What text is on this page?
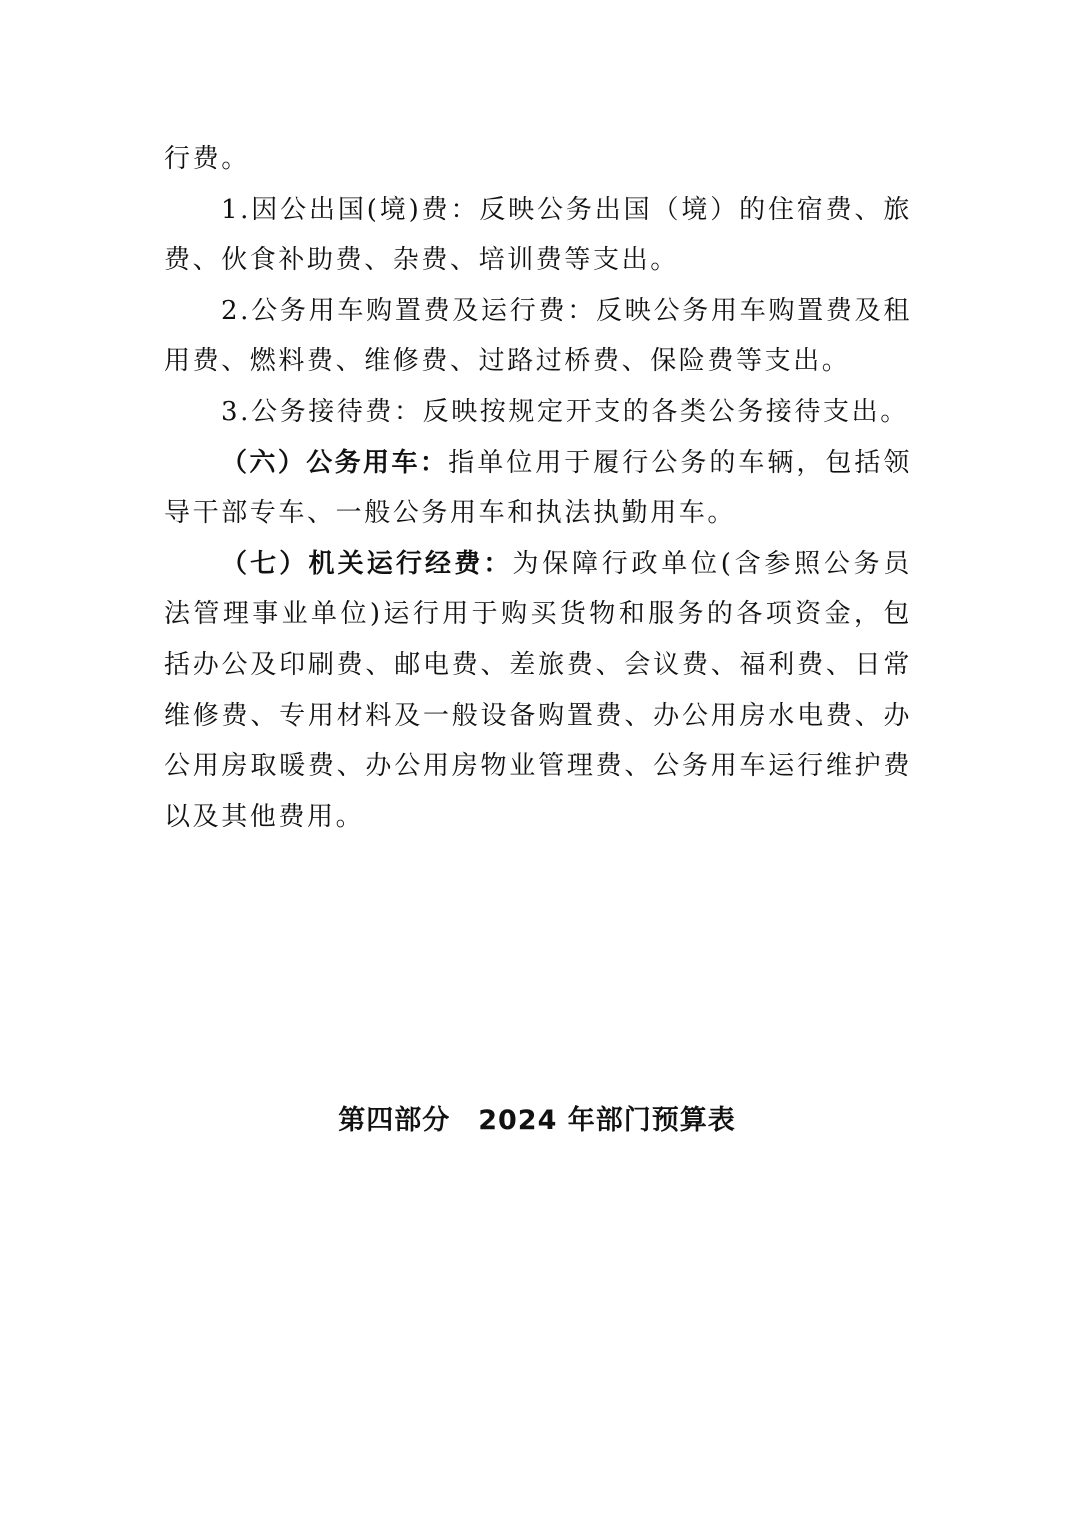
行费。

1.因公出国(境)费：反映公务出国（境）的住宿费、旅费、伙食补助费、杂费、培训费等支出。

2.公务用车购置费及运行费：反映公务用车购置费及租用费、燃料费、维修费、过路过桥费、保险费等支出。

3.公务接待费：反映按规定开支的各类公务接待支出。

（六）公务用车：指单位用于履行公务的车辆，包括领导干部专车、一般公务用车和执法执勤用车。

（七）机关运行经费：为保障行政单位(含参照公务员法管理事业单位)运行用于购买货物和服务的各项资金，包括办公及印刷费、邮电费、差旅费、会议费、福利费、日常维修费、专用材料及一般设备购置费、办公用房水电费、办公用房取暖费、办公用房物业管理费、公务用车运行维护费以及其他费用。

第四部分　2024 年部门预算表
